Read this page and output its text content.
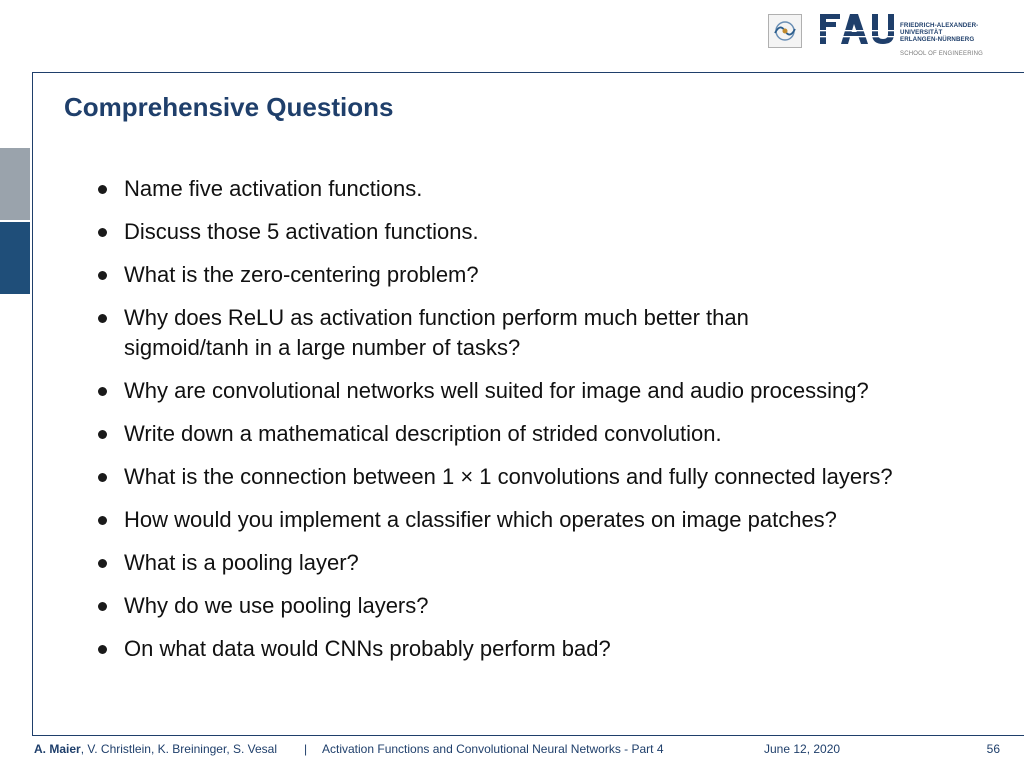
FRIEDRICH-ALEXANDER-
UNIVERSITÄT
ERLANGEN-NÜRNBERG
SCHOOL OF ENGINEERING
Comprehensive Questions
Name five activation functions.
Discuss those 5 activation functions.
What is the zero-centering problem?
Why does ReLU as activation function perform much better than sigmoid/tanh in a large number of tasks?
Why are convolutional networks well suited for image and audio processing?
Write down a mathematical description of strided convolution.
What is the connection between 1 × 1 convolutions and fully connected layers?
How would you implement a classifier which operates on image patches?
What is a pooling layer?
Why do we use pooling layers?
On what data would CNNs probably perform bad?
A. Maier, V. Christlein, K. Breininger, S. Vesal | Activation Functions and Convolutional Neural Networks - Part 4	June 12, 2020	56
